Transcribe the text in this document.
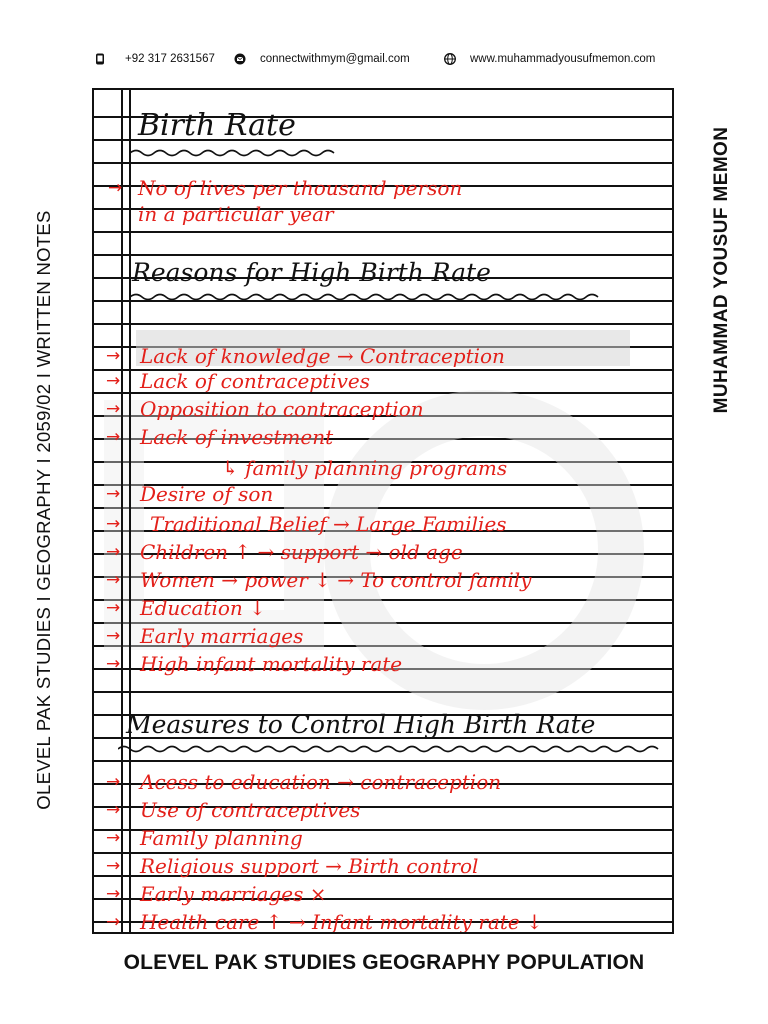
+92 317 2631567	connectwithmym@gmail.com	www.muhammadyousufmemon.com
OLEVEL PAK STUDIES I GEOGRAPHY I 2059/02 I WRITTEN NOTES	MUHAMMAD YOUSUF MEMON
Birth Rate
→ No of lives per thousand person
in a particular year
Reasons for High Birth Rate
→ Lack of knowledge → Contraception
→ Lack of contraceptives
→ Opposition to contraception
→ Lack of investment
↳ family planning programs
→ Desire of son
→ Traditional Belief → Large Families
→ Children ↑ → support → old age
→ Women → power ↓ → To control family
→ Education ↓
→ Early marriages
→ High infant mortality rate
Measures to Control High Birth Rate
→ Acess to education → contraception
→ Use of contraceptives
→ Family planning
→ Religious support → Birth control
→ Early marriages ×
→ Health care ↑ → Infant mortality rate ↓
OLEVEL PAK STUDIES GEOGRAPHY POPULATION
